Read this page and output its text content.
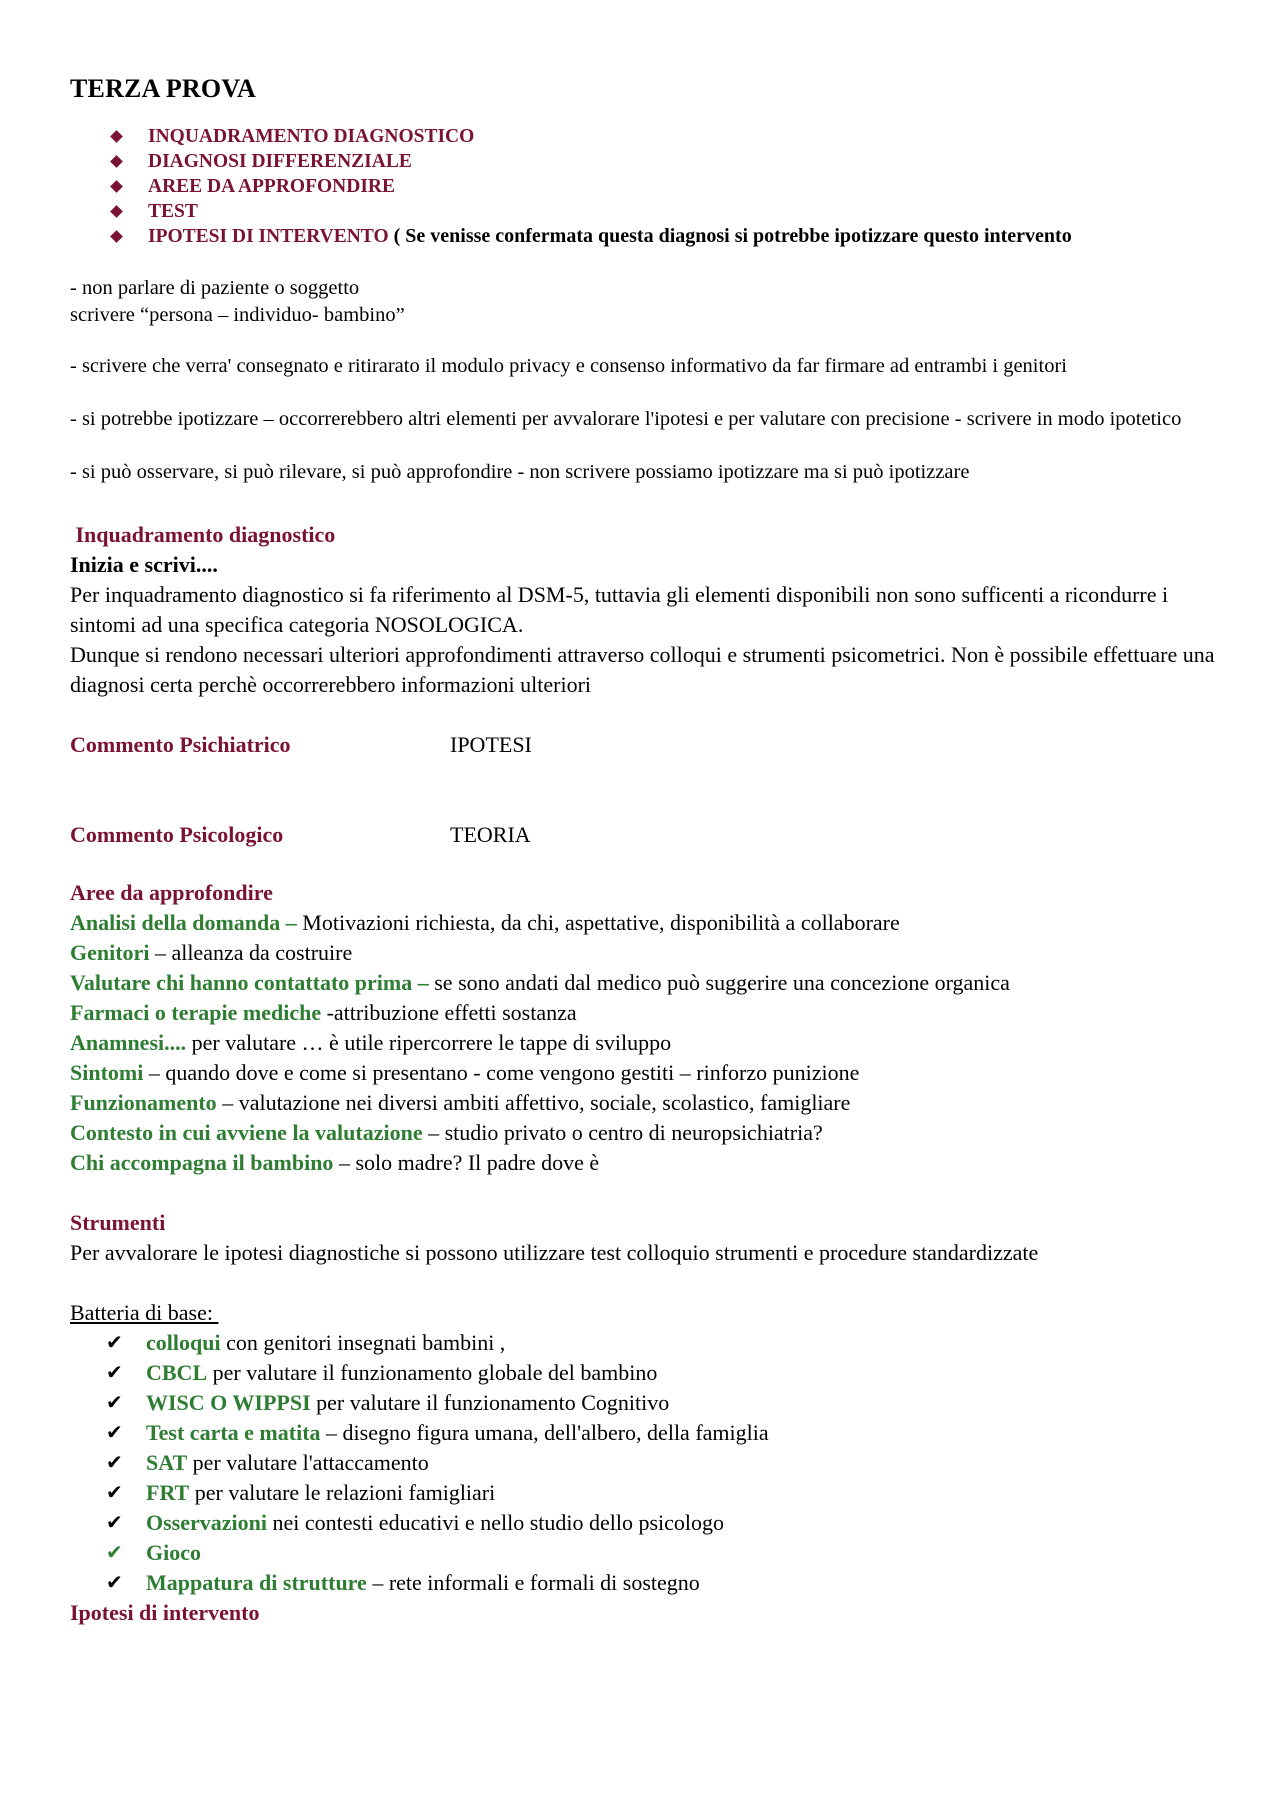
TERZA PROVA
INQUADRAMENTO DIAGNOSTICO
DIAGNOSI DIFFERENZIALE
AREE DA APPROFONDIRE
TEST
IPOTESI DI INTERVENTO ( Se venisse confermata questa diagnosi si potrebbe ipotizzare questo intervento
- non parlare di paziente o soggetto
scrivere “persona – individuo- bambino”
- scrivere che verra' consegnato e ritirarato il modulo privacy e consenso informativo da far firmare ad entrambi i genitori
- si potrebbe ipotizzare – occorrerebbero altri elementi per avvalorare l'ipotesi e per valutare con precisione - scrivere in modo ipotetico
- si può osservare, si può rilevare, si può approfondire - non scrivere possiamo ipotizzare ma si può ipotizzare
Inquadramento diagnostico
Inizia e scrivi....

Per inquadramento diagnostico si fa riferimento al DSM-5, tuttavia gli elementi disponibili non sono sufficenti a ricondurre i sintomi ad una specifica categoria NOSOLOGICA.

Dunque si rendono necessari ulteriori approfondimenti attraverso colloqui e strumenti psicometrici. Non è possibile effettuare una diagnosi certa perchè occorrerebbero informazioni ulteriori

Commento Psichiatrico	IPOTESI
Commento Psicologico	TEORIA
Aree da approfondire
Analisi della domanda – Motivazioni richiesta, da chi, aspettative, disponibilità a collaborare
Genitori – alleanza da costruire
Valutare chi hanno contattato prima – se sono andati dal medico può suggerire una concezione organica
Farmaci o terapie mediche -attribuzione effetti sostanza
Anamnesi.... per valutare … è utile ripercorrere le tappe di sviluppo
Sintomi – quando dove e come si presentano - come vengono gestiti – rinforzo punizione
Funzionamento – valutazione nei diversi ambiti affettivo, sociale, scolastico, famigliare
Contesto in cui avviene la valutazione – studio privato o centro di neuropsichiatria?
Chi accompagna il bambino – solo madre? Il padre dove è
Strumenti

Per avvalorare le ipotesi diagnostiche si possono utilizzare test colloquio strumenti e procedure standardizzate

Batteria di base:
✔ colloqui con genitori insegnati bambini ,
✔ CBCL per valutare il funzionamento globale del bambino
✔ WISC O WIPPSI per valutare il funzionamento Cognitivo
✔ Test carta e matita – disegno figura umana, dell'albero, della famiglia
✔ SAT per valutare l'attaccamento
✔ FRT per valutare le relazioni famigliari
✔ Osservazioni nei contesti educativi e nello studio dello psicologo
✔ Gioco
✔ Mappatura di strutture – rete informali e formali di sostegno
Ipotesi di intervento
